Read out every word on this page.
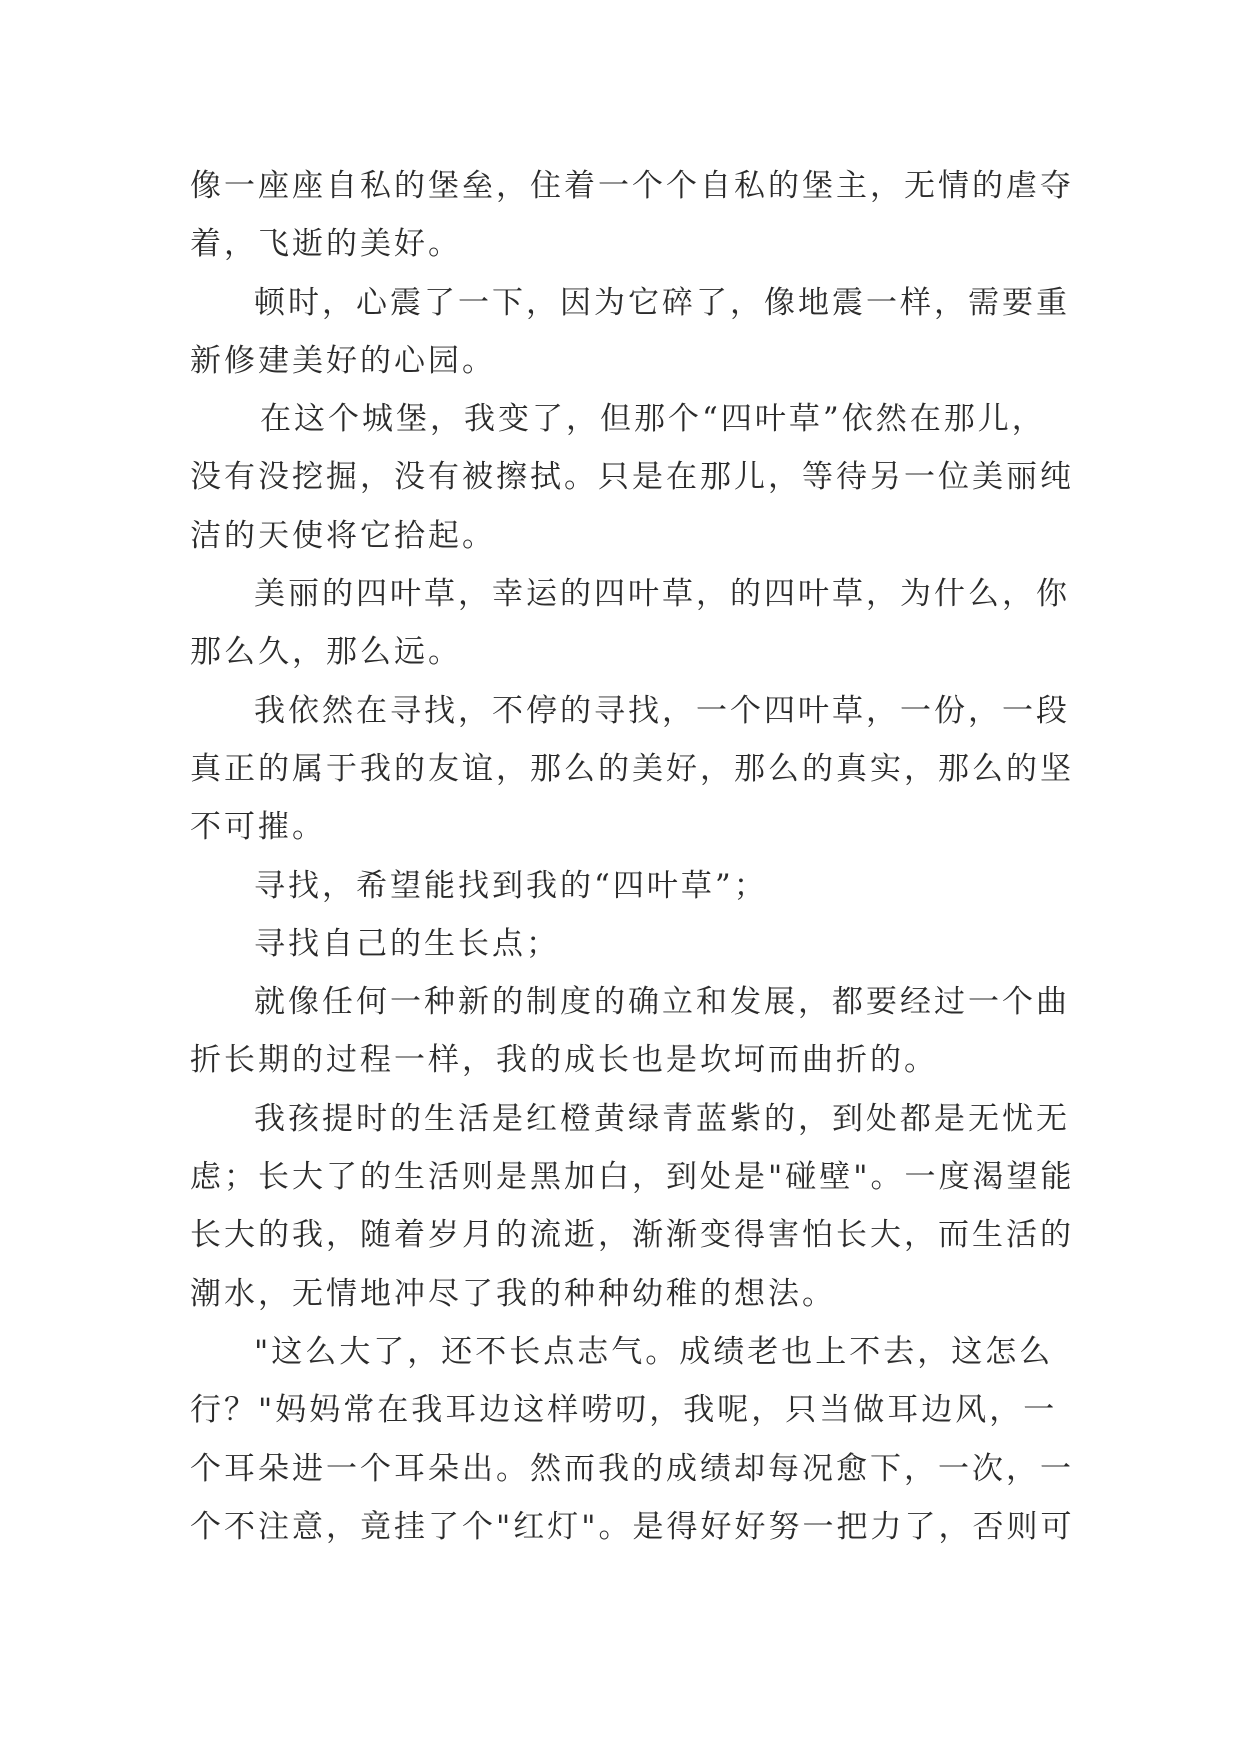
像一座座自私的堡垒，住着一个个自私的堡主，无情的虐夺
着，飞逝的美好。
顿时，心震了一下，因为它碎了，像地震一样，需要重
新修建美好的心园。
在这个城堡，我变了，但那个“四叶草”依然在那儿，
没有没挖掘，没有被擦拭。只是在那儿，等待另一位美丽纯
洁的天使将它拾起。
美丽的四叶草，幸运的四叶草，的四叶草，为什么，你
那么久，那么远。
我依然在寻找，不停的寻找，一个四叶草，一份，一段
真正的属于我的友谊，那么的美好，那么的真实，那么的坚
不可摧。
寻找，希望能找到我的“四叶草”；
寻找自己的生长点；
就像任何一种新的制度的确立和发展，都要经过一个曲
折长期的过程一样，我的成长也是坎坷而曲折的。
我孩提时的生活是红橙黄绿青蓝紫的，到处都是无忧无
虑；长大了的生活则是黑加白，到处是"碰壁"。一度渴望能
长大的我，随着岁月的流逝，渐渐变得害怕长大，而生活的
潮水，无情地冲尽了我的种种幼稚的想法。
"这么大了，还不长点志气。成绩老也上不去，这怎么
行？"妈妈常在我耳边这样唠叨，我呢，只当做耳边风，一
个耳朵进一个耳朵出。然而我的成绩却每况愈下，一次，一
个不注意，竟挂了个"红灯"。是得好好努一把力了，否则可
